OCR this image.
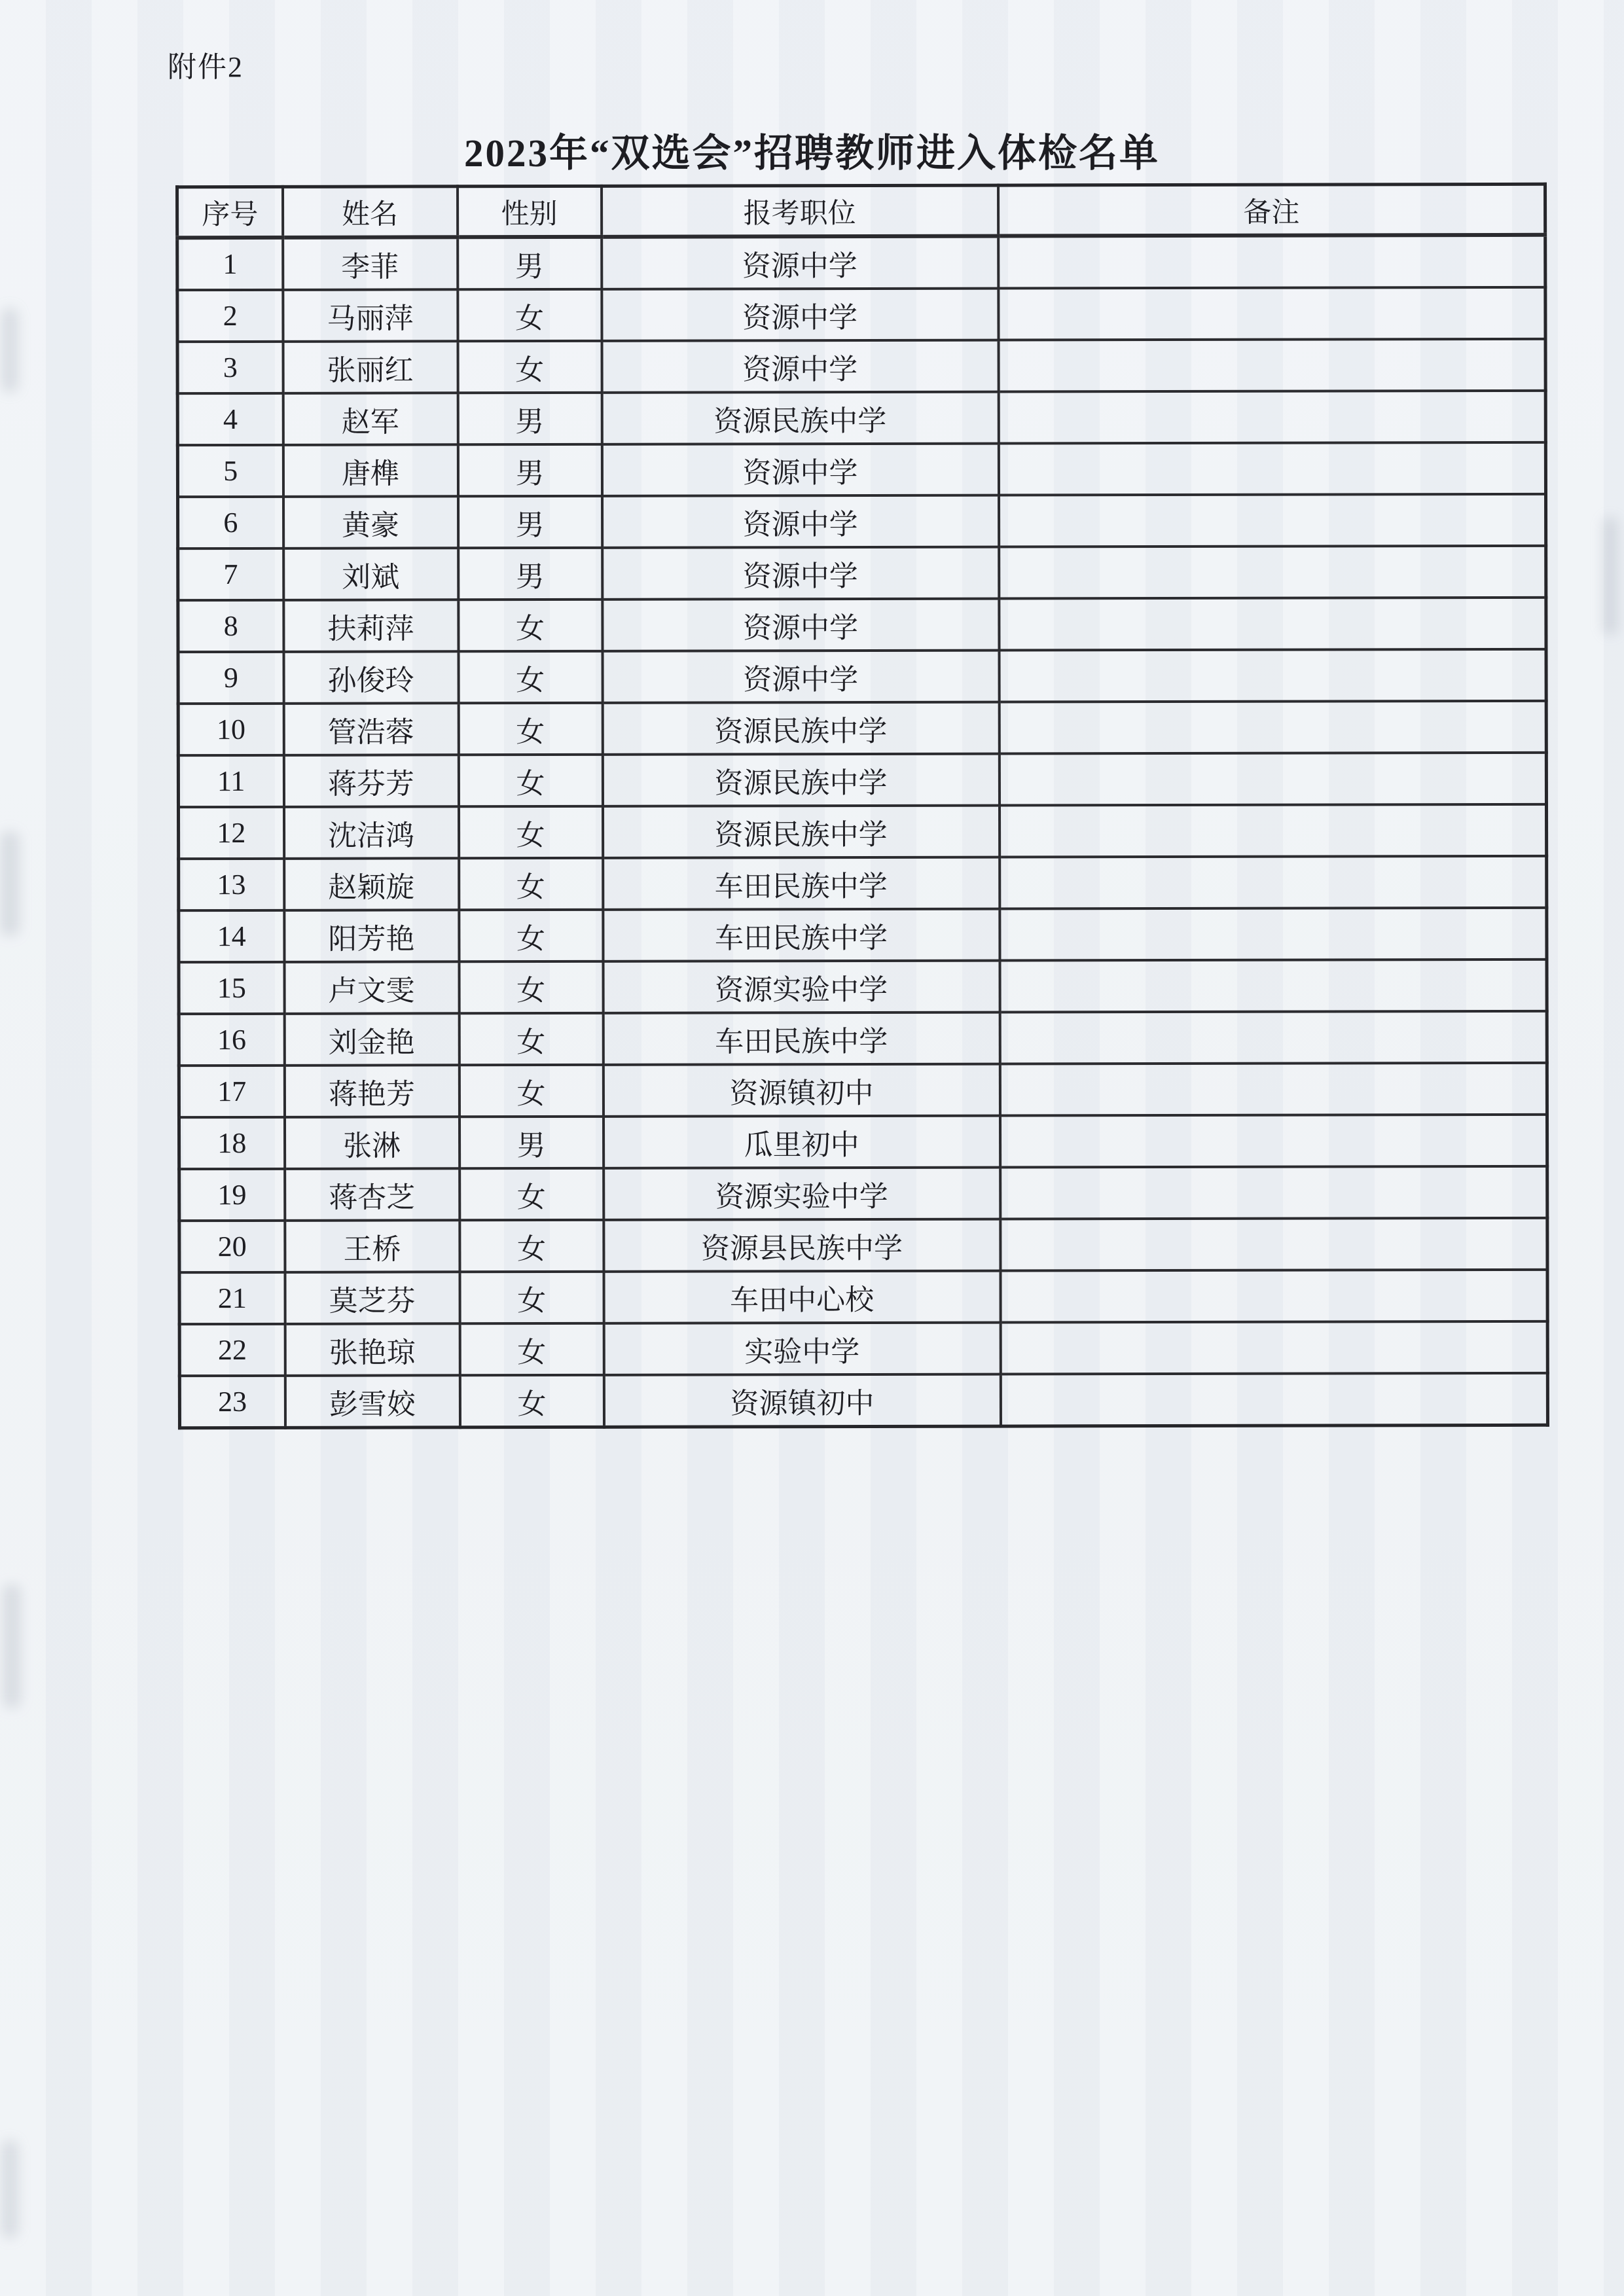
附件2
2023年“双选会”招聘教师进入体检名单
序号	姓名	性别	报考职位	备注
1	李菲	男	资源中学	
2	马丽萍	女	资源中学	
3	张丽红	女	资源中学	
4	赵军	男	资源民族中学	
5	唐榫	男	资源中学	
6	黄豪	男	资源中学	
7	刘斌	男	资源中学	
8	扶莉萍	女	资源中学	
9	孙俊玲	女	资源中学	
10	管浩蓉	女	资源民族中学	
11	蒋芬芳	女	资源民族中学	
12	沈洁鸿	女	资源民族中学	
13	赵颖旋	女	车田民族中学	
14	阳芳艳	女	车田民族中学	
15	卢文雯	女	资源实验中学	
16	刘金艳	女	车田民族中学	
17	蒋艳芳	女	资源镇初中	
18	张淋	男	瓜里初中	
19	蒋杏芝	女	资源实验中学	
20	王桥	女	资源县民族中学	
21	莫芝芬	女	车田中心校	
22	张艳琼	女	实验中学	
23	彭雪姣	女	资源镇初中	
